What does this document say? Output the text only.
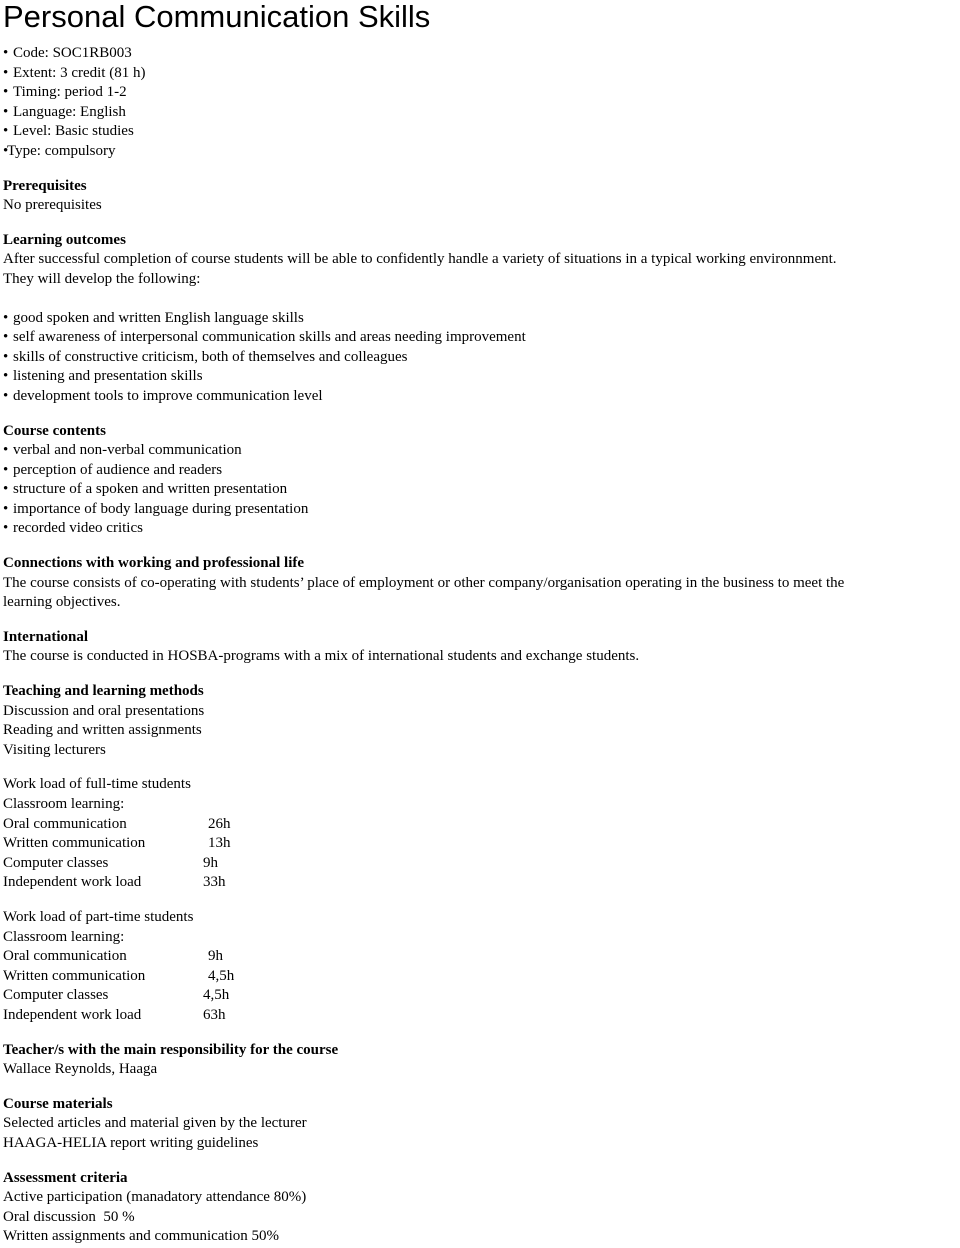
Personal Communication Skills
• Code: SOC1RB003
• Extent: 3 credit (81 h)
• Timing: period 1-2
• Language: English
• Level: Basic studies
•Type: compulsory

Prerequisites

No prerequisites

Learning outcomes

After successful completion of course students will be able to confidently handle a variety of situations in a typical working environnment.

They will develop the following:

• good spoken and written English language skills
• self awareness of interpersonal communication skills and areas needing improvement
• skills of constructive criticism, both of themselves and colleagues
• listening and presentation skills
• development tools to improve communication level

Course contents

• verbal and non-verbal communication
• perception of audience and readers
• structure of a spoken and written presentation
• importance of body language during presentation
• recorded video critics

Connections with working and professional life

The course consists of co-operating with students’ place of employment or other company/organisation operating in the business to meet the

learning objectives.

International

The course is conducted in HOSBA-programs with a mix of international students and exchange students.

Teaching and learning methods

Discussion and oral presentations

Reading and written assignments

Visiting lecturers

Work load of full-time students

Classroom learning:

Oral communication	26h
Written communication	13h
Computer classes	9h
Independent work load	33h

Work load of part-time students

Classroom learning:

Oral communication	9h
Written communication	4,5h
Computer classes	4,5h
Independent work load	63h

Teacher/s with the main responsibility for the course

Wallace Reynolds, Haaga

Course materials

Selected articles and material given by the lecturer

HAAGA-HELIA report writing guidelines

Assessment criteria

Active participation (manadatory attendance 80%)

Oral discussion  50 %

Written assignments and communication 50%
